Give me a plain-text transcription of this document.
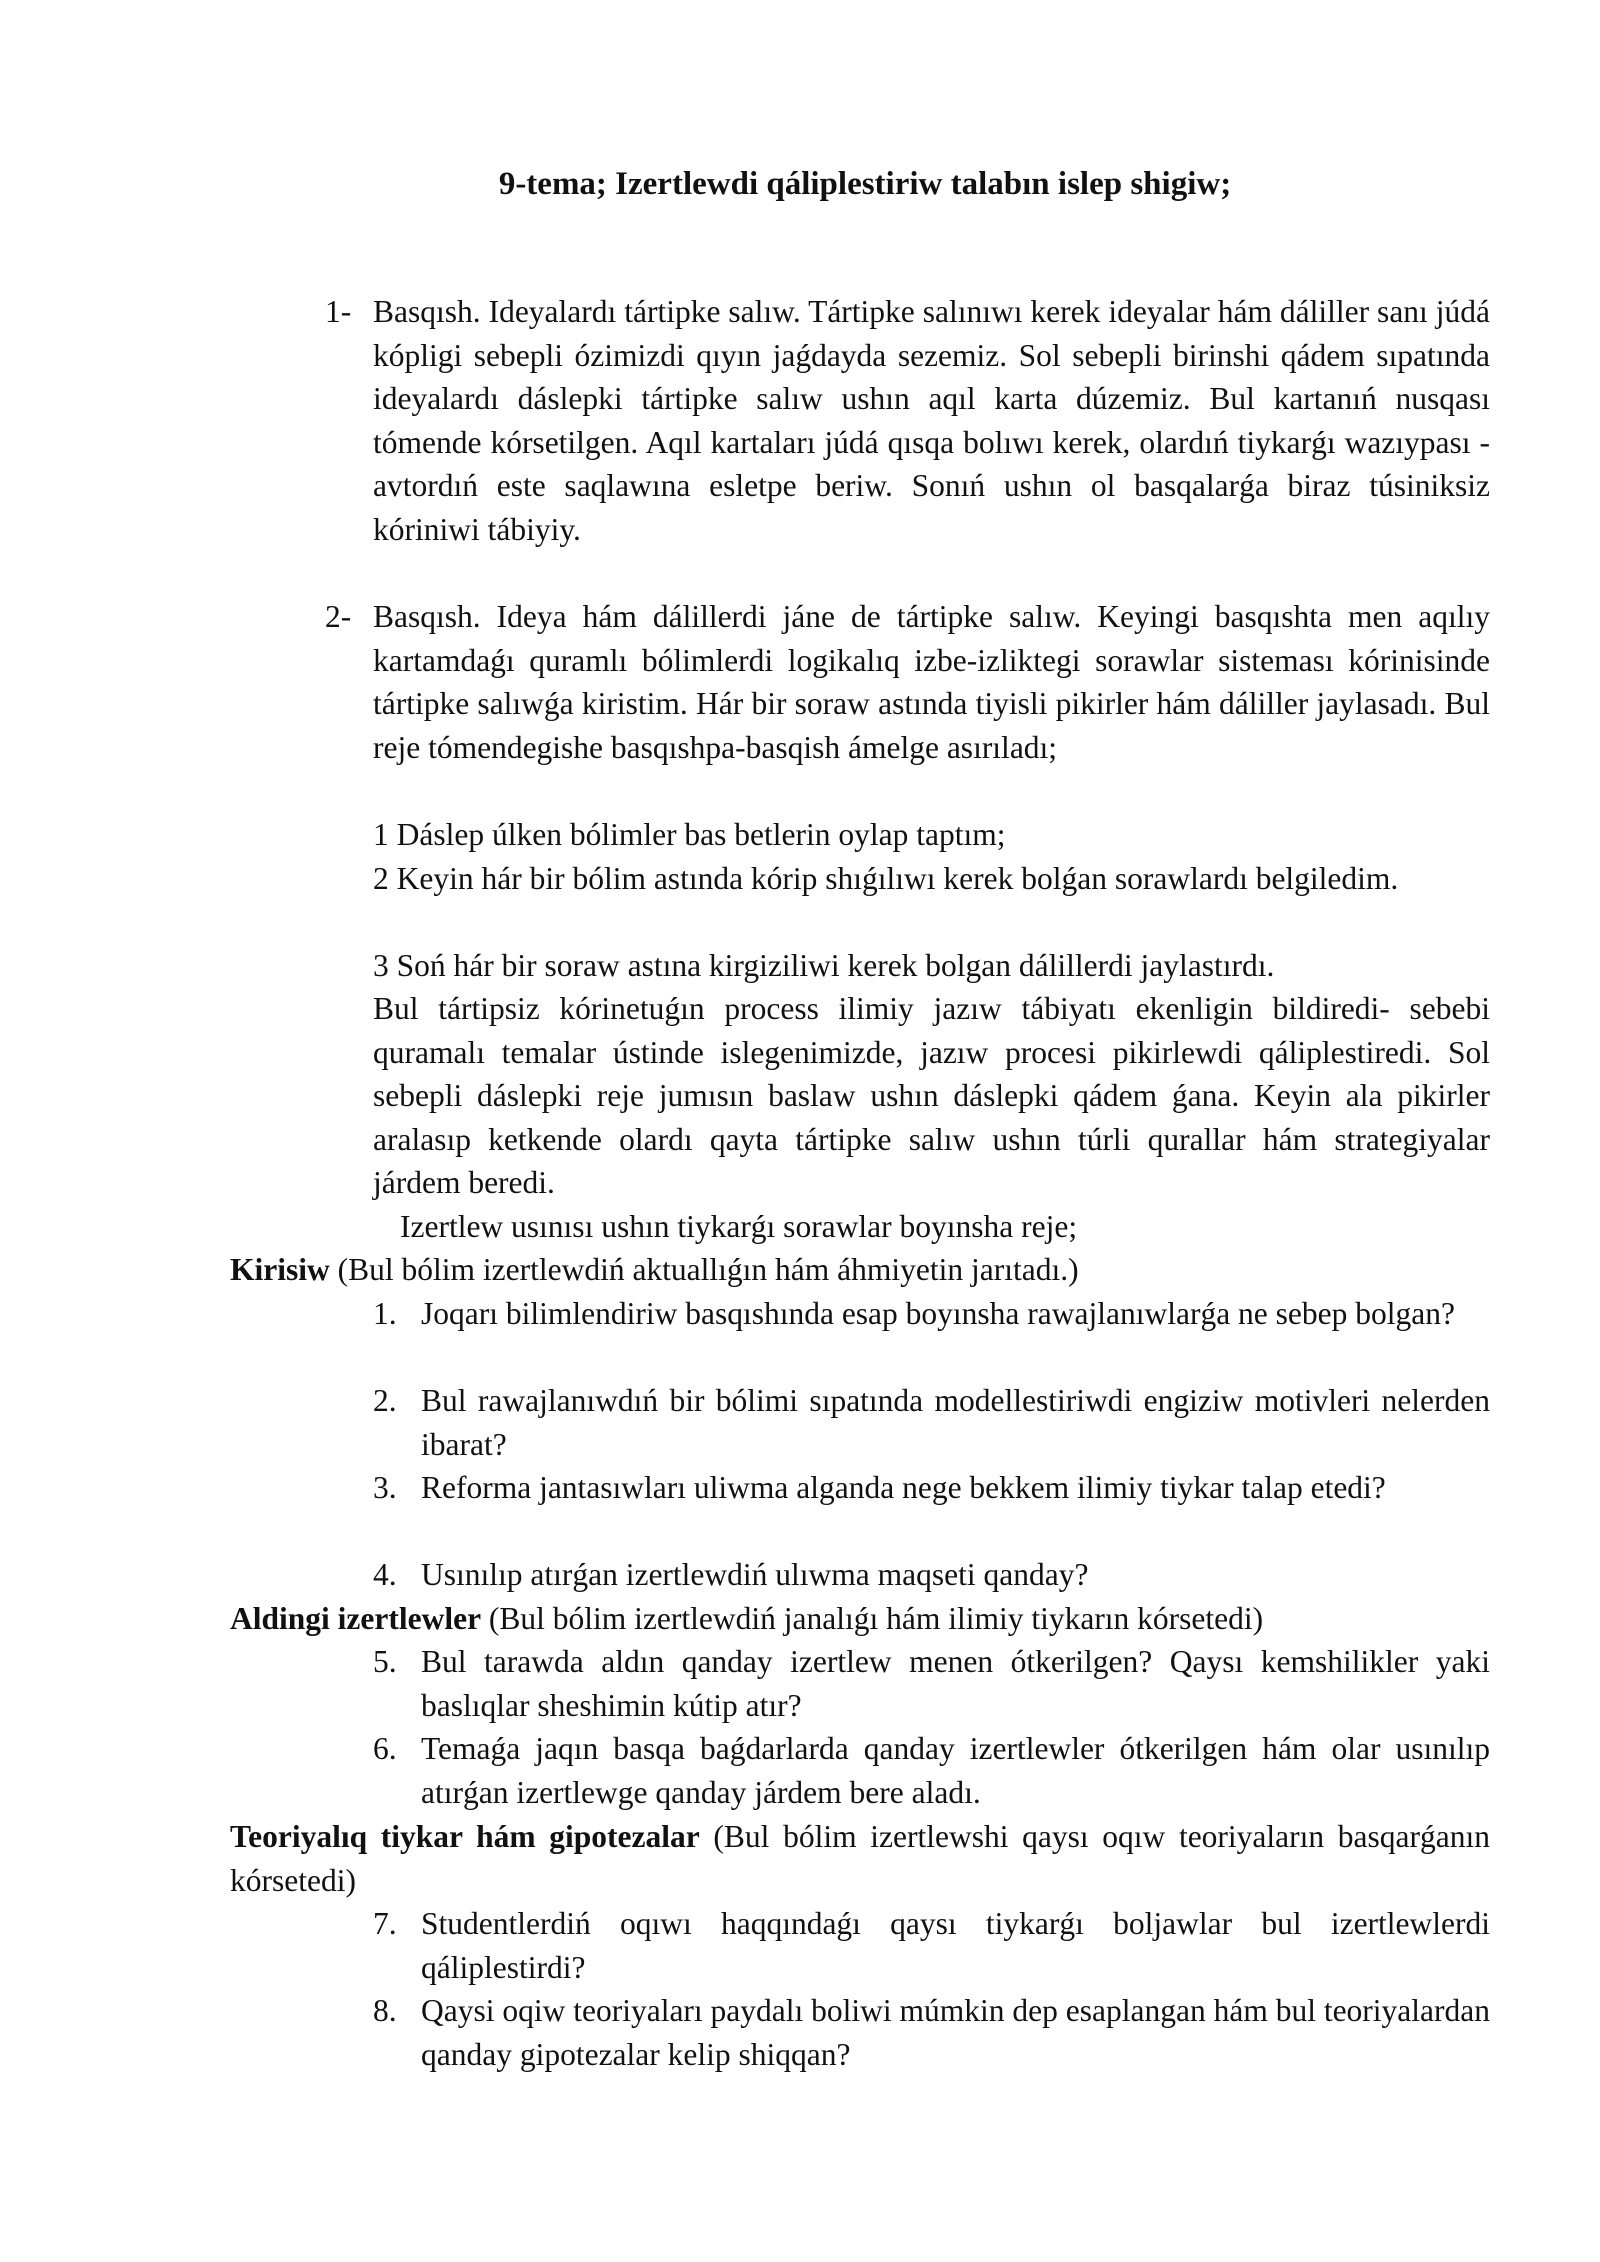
9-tema; Izertlewdi qáliplestiriw talabın islep shigiw;
1- Basqısh. Ideyalardı tártipke salıw. Tártipke salınıwı kerek ideyalar hám dáliller sanı júdá kópligi sebepli ózimizdi qıyın jaǵdayda sezemiz. Sol sebepli birinshi qádem sıpatında ideyalardı dáslepki tártipke salıw ushın aqıl karta dúzemiz. Bul kartanıń nusqası tómende kórsetilgen. Aqıl kartaları júdá qısqa bolıwı kerek, olardıń tiykarǵı wazıypası - avtordıń este saqlawına esletpe beriw. Sonıń ushın ol basqalarǵa biraz túsiniksiz kóriniwi tábiyiy.
2- Basqısh. Ideya hám dálillerdi jáne de tártipke salıw. Keyingi basqıshta men aqılıy kartamdaǵı quramlı bólimlerdi logikalıq izbe-izliktegi sorawlar sisteması kórinisinde tártipke salıwǵa kiristim. Hár bir soraw astında tiyisli pikirler hám dáliller jaylasadı. Bul reje tómendegishe basqıshpa-basqish ámelge asırıladı;
1 Dáslep úlken bólimler bas betlerin oylap taptım;
2 Keyin hár bir bólim astında kórip shıǵılıwı kerek bolǵan sorawlardı belgiledim.
3 Soń hár bir soraw astına kirgiziliwi kerek bolgan dálillerdi jaylastırdı.
Bul tártipsiz kórinetuǵın process ilimiy jazıw tábiyatı ekenligin bildiredi- sebebi quramalı temalar ústinde islegenimizde, jazıw procesi pikirlewdi qáliplestiredi. Sol sebepli dáslepki reje jumısın baslaw ushın dáslepki qádem ǵana. Keyin ala pikirler aralasıp ketkende olardı qayta tártipke salıw ushın túrli qurallar hám strategiyalar járdem beredi.
Izertlew usınısı ushın tiykarǵı sorawlar boyınsha reje;
Kirisiw (Bul bólim izertlewdiń aktuallıǵın hám áhmiyetin jarıtadı.)
1. Joqarı bilimlendiriw basqıshında esap boyınsha rawajlanıwlarǵa ne sebep bolgan?
2. Bul rawajlanıwdıń bir bólimi sıpatında modellestiriwdi engiziw motivleri nelerden ibarat?
3. Reforma jantasıwları uliwma alganda nege bekkem ilimiy tiykar talap etedi?
4. Usınılıp atırǵan izertlewdiń ulıwma maqseti qanday?
Aldingi izertlewler (Bul bólim izertlewdiń janalıǵı hám ilimiy tiykarın kórsetedi)
5. Bul tarawda aldın qanday izertlew menen ótkerilgen? Qaysı kemshilikler yaki baslıqlar sheshimin kútip atır?
6. Temaǵa jaqın basqa baǵdarlarda qanday izertlewler ótkerilgen hám olar usınılıp atırǵan izertlewge qanday járdem bere aladı.
Teoriyalıq tiykar hám gipotezalar (Bul bólim izertlewshi qaysı oqıw teoriyaların basqarǵanın kórsetedi)
7. Studentlerdiń oqıwı haqqındaǵı qaysı tiykarǵı boljawlar bul izertlewlerdi qáliplestirdi?
8. Qaysi oqiw teoriyaları paydalı boliwi múmkin dep esaplangan hám bul teoriyalardan qanday gipotezalar kelip shiqqan?
